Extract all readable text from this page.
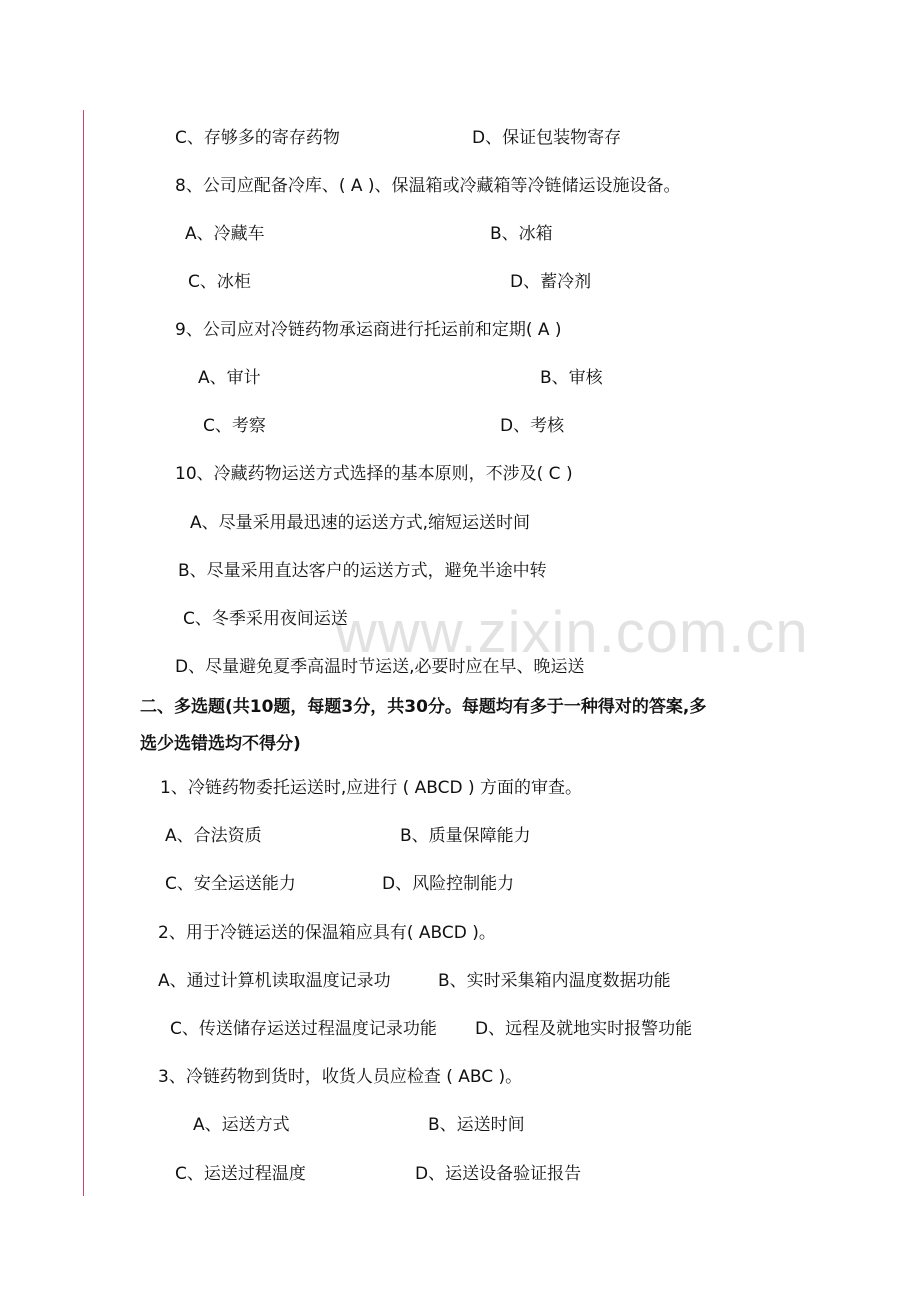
www.zixin.com.cn
C、存够多的寄存药物	D、保证包装物寄存
8、公司应配备冷库、( A )、保温箱或冷藏箱等冷链储运设施设备。
A、冷藏车	B、冰箱
C、冰柜	D、蓄冷剂
9、公司应对冷链药物承运商进行托运前和定期( A )
A、审计	B、审核
C、考察	D、考核
10、冷藏药物运送方式选择的基本原则，不涉及( C )
A、尽量采用最迅速的运送方式,缩短运送时间
B、尽量采用直达客户的运送方式，避免半途中转
C、冬季采用夜间运送
D、尽量避免夏季高温时节运送,必要时应在早、晚运送
二、多选题(共10题，每题3分，共30分。每题均有多于一种得对的答案,多
选少选错选均不得分)
1、冷链药物委托运送时,应进行 ( ABCD ) 方面的审查。
A、合法资质	B、质量保障能力
C、安全运送能力	D、风险控制能力
2、用于冷链运送的保温箱应具有( ABCD )。
A、通过计算机读取温度记录功	B、实时采集箱内温度数据功能
C、传送储存运送过程温度记录功能 D、远程及就地实时报警功能
3、冷链药物到货时，收货人员应检查 ( ABC )。
A、运送方式	B、运送时间
C、运送过程温度	D、运送设备验证报告
